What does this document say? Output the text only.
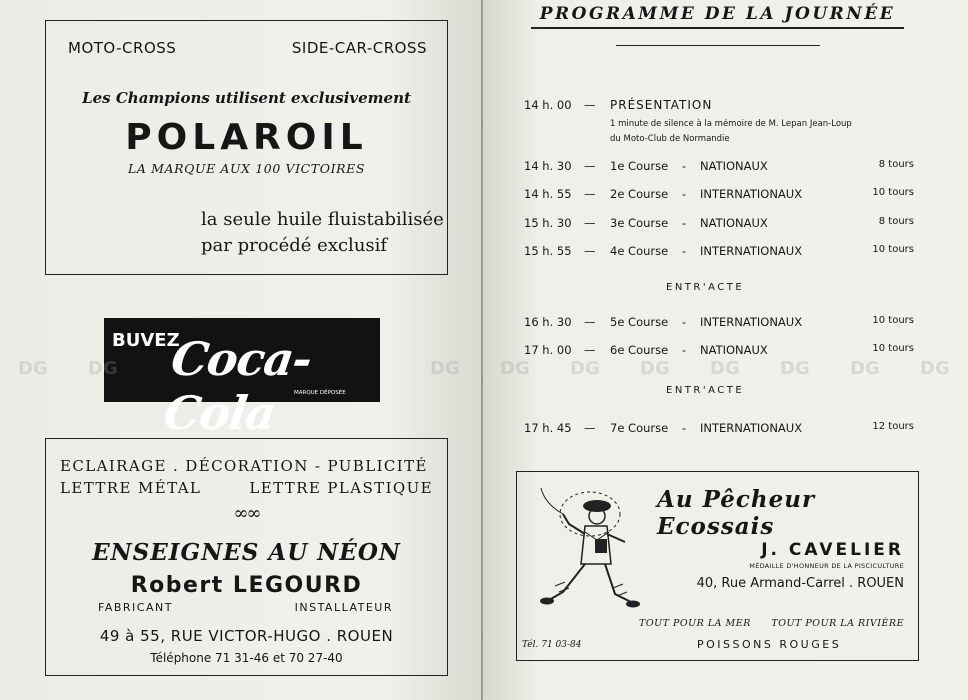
MOTO-CROSS	SIDE-CAR-CROSS
Les Champions utilisent exclusivement
POLAROIL
LA MARQUE AUX 100 VICTOIRES
la seule huile fluistabilisée
par procédé exclusif
BUVEZ
Coca-Cola	MARQUE DÉPOSÉE
ECLAIRAGE . DÉCORATION - PUBLICITÉ
LETTRE MÉTAL	LETTRE PLASTIQUE
∞∞
ENSEIGNES AU NÉON
Robert LEGOURD
FABRICANT	INSTALLATEUR
49 à 55, RUE VICTOR-HUGO . ROUEN
Téléphone 71 31-46 et 70 27-40
PROGRAMME DE LA JOURNÉE
14 h. 00 — PRÉSENTATION
1 minute de silence à la mémoire de M. Lepan Jean-Loup
du Moto-Club de Normandie
14 h. 30 — 1e Course - NATIONAUX	8 tours
14 h. 55 — 2e Course - INTERNATIONAUX	10 tours
15 h. 30 — 3e Course - NATIONAUX	8 tours
15 h. 55 — 4e Course - INTERNATIONAUX	10 tours
ENTR'ACTE
16 h. 30 — 5e Course - INTERNATIONAUX	10 tours
17 h. 00 — 6e Course - NATIONAUX	10 tours
ENTR'ACTE
17 h. 45 — 7e Course - INTERNATIONAUX	12 tours
Au Pêcheur Ecossais
J. CAVELIER
MÉDAILLE D'HONNEUR DE LA PISCICULTURE
40, Rue Armand-Carrel . ROUEN
TOUT POUR LA MER TOUT POUR LA RIVIÈRE
Tél. 71 03-84	POISSONS ROUGES
DG DG	DG DG DG DG DG DG DG DG
